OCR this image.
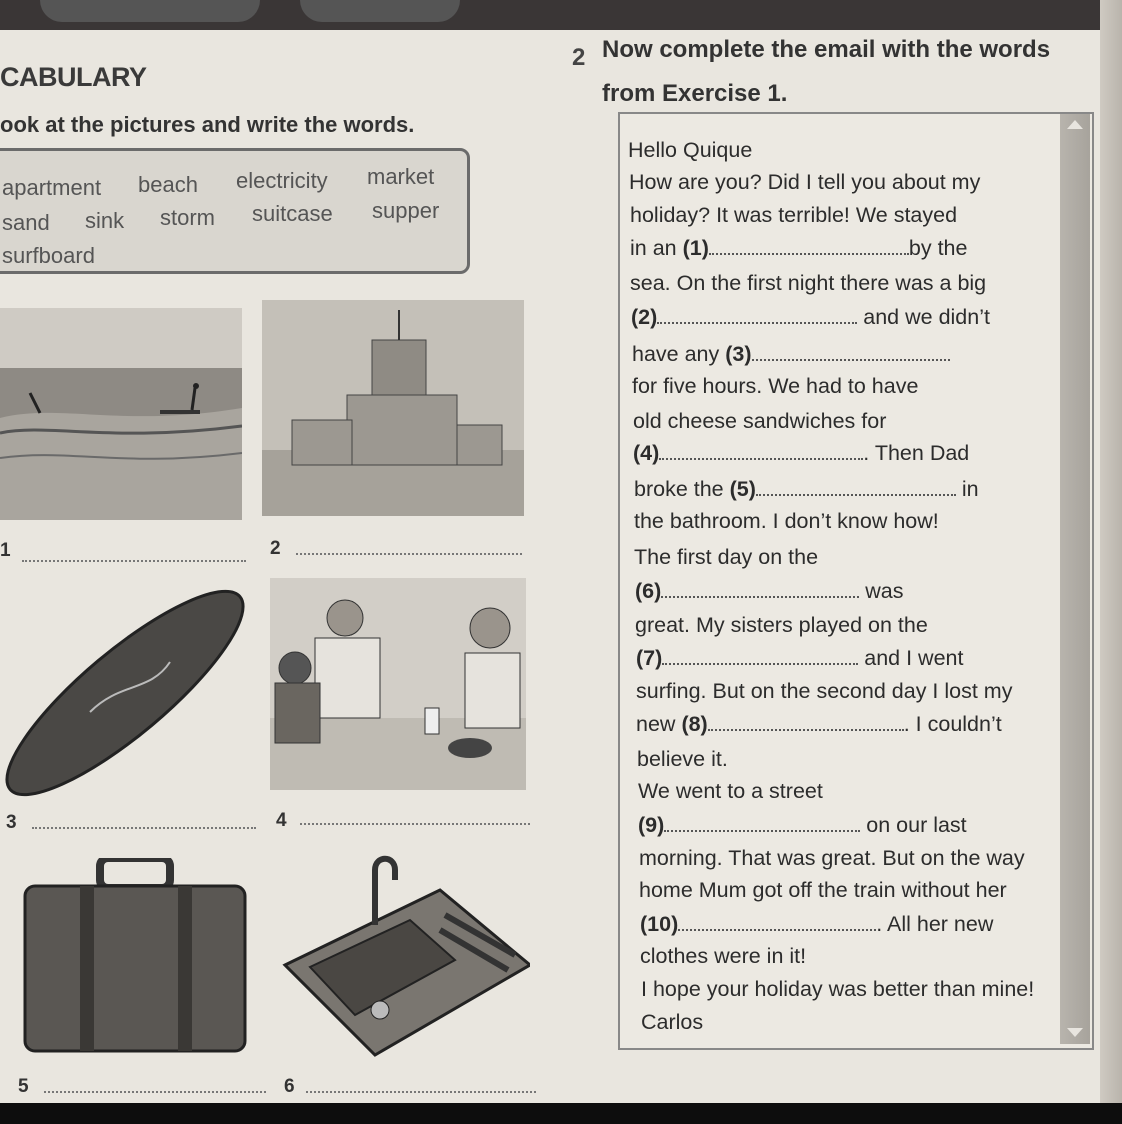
CABULARY
ook at the pictures and write the words.
apartment beach electricity market
sand sink storm suitcase supper
surfboard
1	2
3	4
5	6
2 Now complete the email with the words
from Exercise 1.
Hello Quique
How are you? Did I tell you about my
holiday? It was terrible! We stayed
in an (1)	by the
sea. On the first night there was a big
(2)	and we didn’t
have any (3)
for five hours. We had to have
old cheese sandwiches for
(4)	. Then Dad
broke the (5)	in
the bathroom. I don’t know how!
The first day on the
(6)	was
great. My sisters played on the
(7)	and I went
surfing. But on the second day I lost my
new (8)	. I couldn’t
believe it.
We went to a street
(9)	on our last
morning. That was great. But on the way
home Mum got off the train without her
(10)	. All her new
clothes were in it!
I hope your holiday was better than mine!
Carlos
